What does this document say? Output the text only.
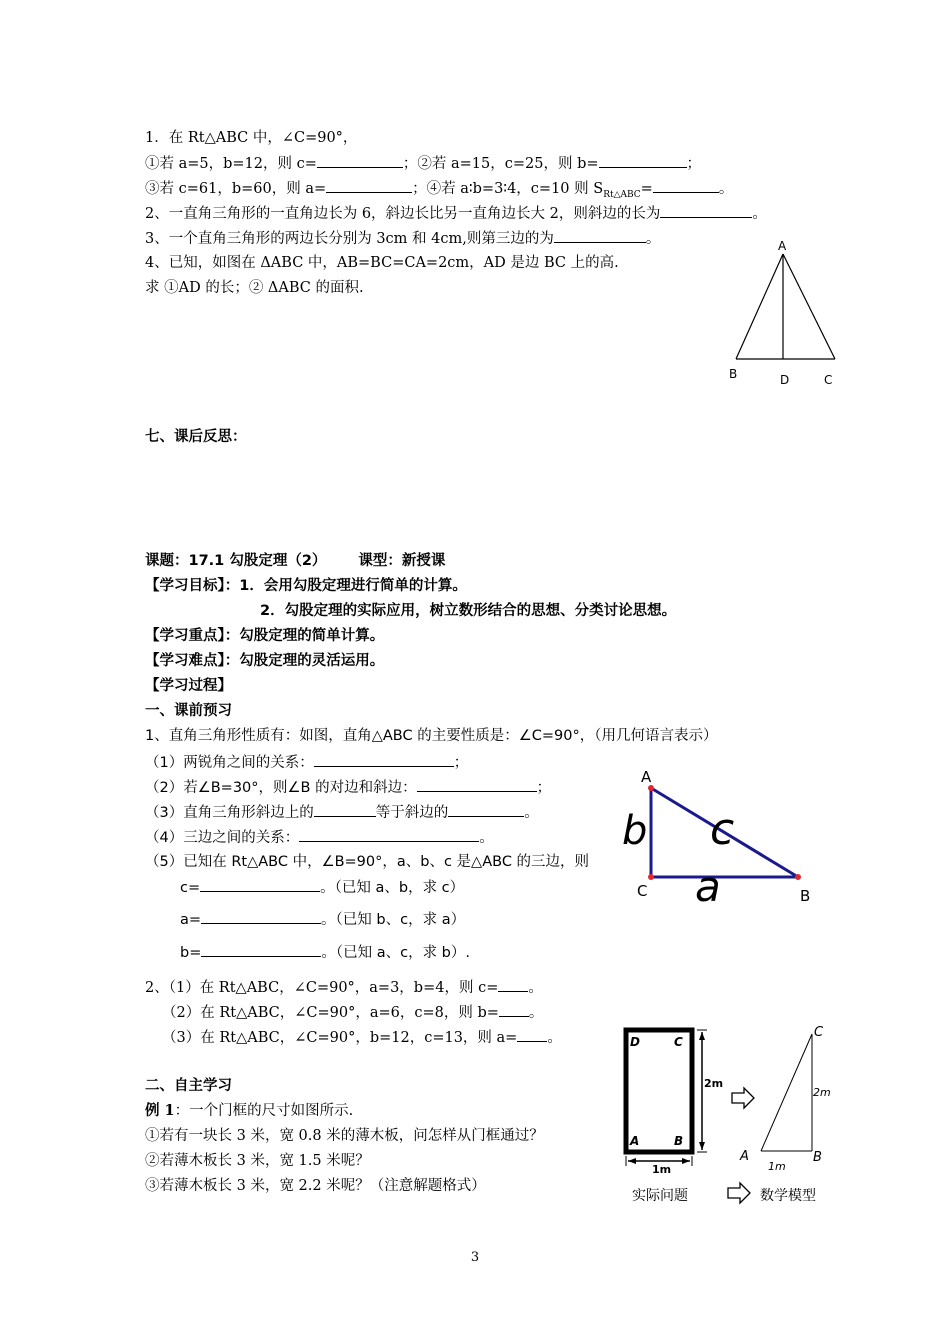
1．在 Rt△ABC 中，∠C=90°，
①若 a=5，b=12，则 c=	；②若 a=15，c=25，则 b=	；
③若 c=61，b=60，则 a=	；④若 a∶b=3∶4，c=10 则 $S_{Rt\triangle ABC}=$	。
2、一直角三角形的一直角边长为 6，斜边长比另一直角边长大 2，则斜边的长为	。
3、一个直角三角形的两边长分别为 3cm 和 4cm,则第三边的为	。
4、已知，如图在 ΔABC 中，AB=BC=CA=2cm，AD 是边 BC 上的高.
求 ①AD 的长；② ΔABC 的面积.
A
B	D	C
七、课后反思：
课题：17.1 勾股定理（2） 课型：新授课
【学习目标】：1．会用勾股定理进行简单的计算。
2．勾股定理的实际应用，树立数形结合的思想、分类讨论思想。
【学习重点】：勾股定理的简单计算。
【学习难点】：勾股定理的灵活运用。
【学习过程】
一、课前预习
1、直角三角形性质有：如图，直角△ABC 的主要性质是：∠C=90°，（用几何语言表示）
（1）两锐角之间的关系：	；
（2）若∠B=30°，则∠B 的对边和斜边：	；
（3）直角三角形斜边上的	等于斜边的	。
（4）三边之间的关系：	。
（5）已知在 Rt△ABC 中，∠B=90°，a、b、c 是△ABC 的三边，则
c=	。（已知 a、b，求 c）
a=	。（已知 b、c，求 a）
b=	。（已知 a、c，求 b）.
A
C	B
b c
a
2、（1）在 Rt△ABC，∠C=90°，a=3，b=4，则 c= 。
（2）在 Rt△ABC，∠C=90°，a=6，c=8，则 b= 。
（3）在 Rt△ABC，∠C=90°，b=12，c=13，则 a= 。
二、自主学习
例 1：一个门框的尺寸如图所示.
①若有一块长 3 米，宽 0.8 米的薄木板，问怎样从门框通过？
②若薄木板长 3 米，宽 1.5 米呢？
③若薄木板长 3 米，宽 2.2 米呢？（注意解题格式）
D	C
A	B
2m
1m
C
2m
A	B
1m
实际问题	数学模型
3
